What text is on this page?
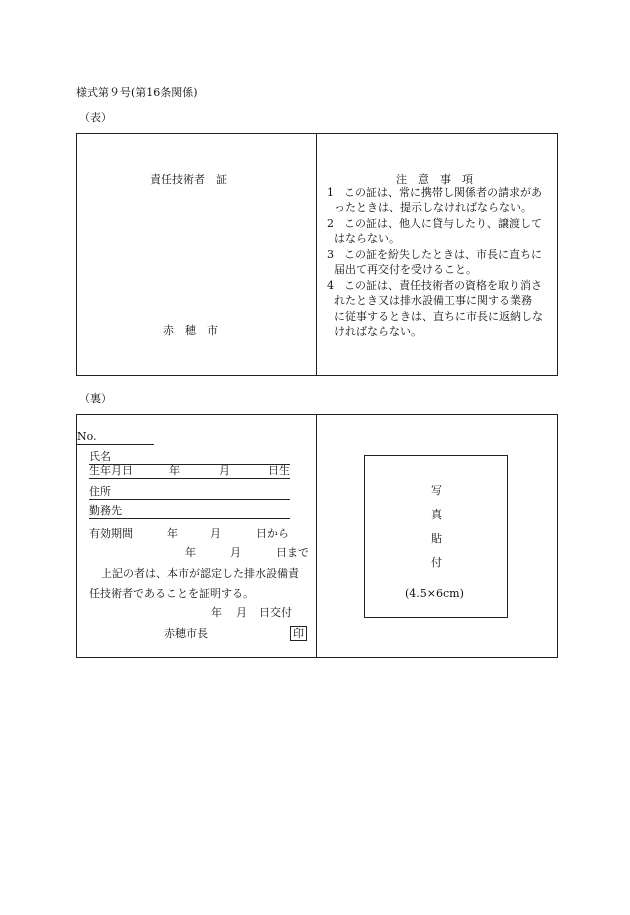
様式第９号(第16条関係)
（表）
責任技術者　証
赤　穂　市
注　意　事　項
1 この証は、常に携帯し関係者の請求があ
ったときは、提示しなければならない。
2 この証は、他人に貸与したり、譲渡して
はならない。
3 この証を紛失したときは、市長に直ちに
届出て再交付を受けること。
4 この証は、責任技術者の資格を取り消さ
れたとき又は排水設備工事に関する業務
に従事するときは、直ちに市長に返納しな
ければならない。
（裏）
No.
氏名
生年月日	年	月	日生
住所
勤務先
有効期間	年	月	日から
年	月	日まで
上記の者は、本市が認定した排水設備責
任技術者であることを証明する。
年 月 日交付
赤穂市長	印
写
真
貼
付
(4.5×6cm)
